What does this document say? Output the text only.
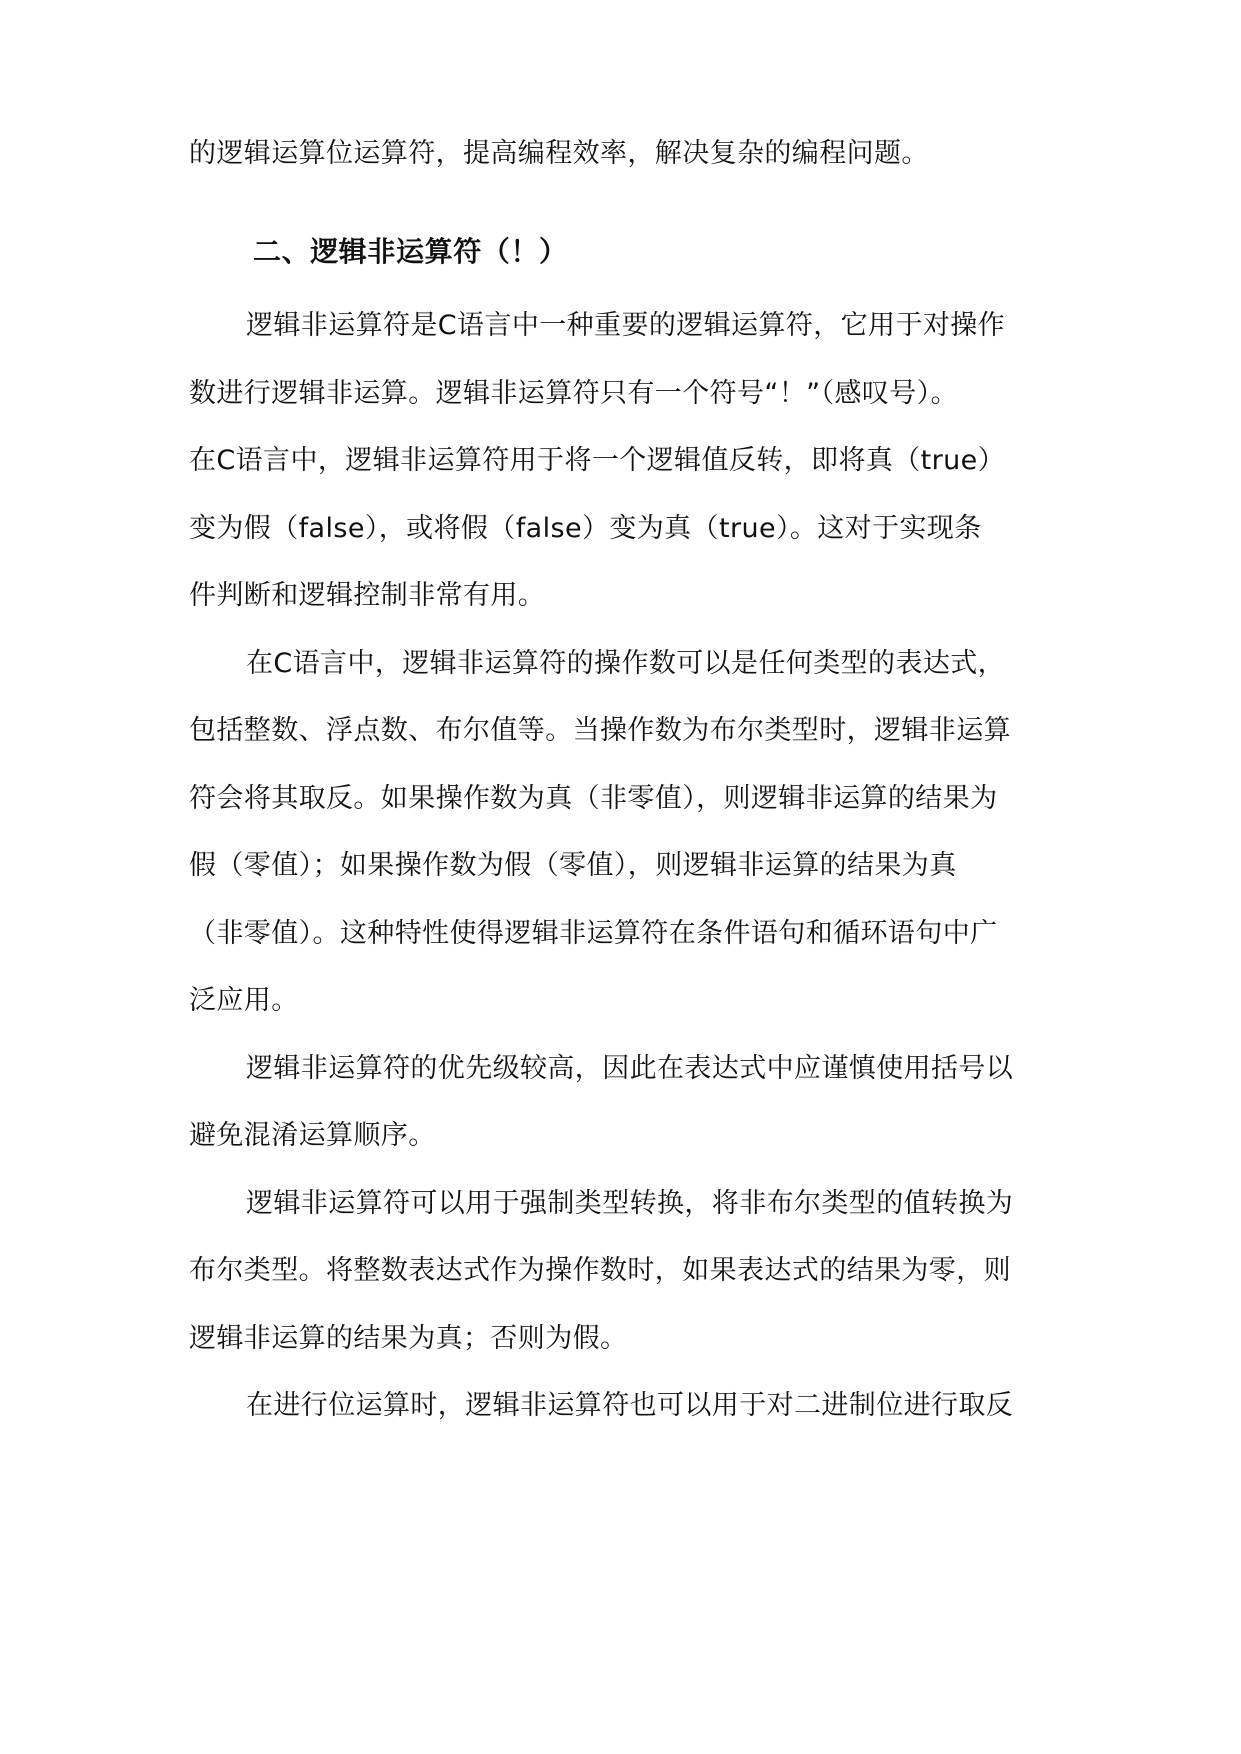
的逻辑运算位运算符，提高编程效率，解决复杂的编程问题。
二、逻辑非运算符（！）
逻辑非运算符是C语言中一种重要的逻辑运算符，它用于对操作
数进行逻辑非运算。逻辑非运算符只有一个符号“！”（感叹号）。
在C语言中，逻辑非运算符用于将一个逻辑值反转，即将真（true）
变为假（false），或将假（false）变为真（true）。这对于实现条
件判断和逻辑控制非常有用。
在C语言中，逻辑非运算符的操作数可以是任何类型的表达式，
包括整数、浮点数、布尔值等。当操作数为布尔类型时，逻辑非运算
符会将其取反。如果操作数为真（非零值），则逻辑非运算的结果为
假（零值）；如果操作数为假（零值），则逻辑非运算的结果为真
（非零值）。这种特性使得逻辑非运算符在条件语句和循环语句中广
泛应用。
逻辑非运算符的优先级较高，因此在表达式中应谨慎使用括号以
避免混淆运算顺序。
逻辑非运算符可以用于强制类型转换，将非布尔类型的值转换为
布尔类型。将整数表达式作为操作数时，如果表达式的结果为零，则
逻辑非运算的结果为真；否则为假。
在进行位运算时，逻辑非运算符也可以用于对二进制位进行取反
